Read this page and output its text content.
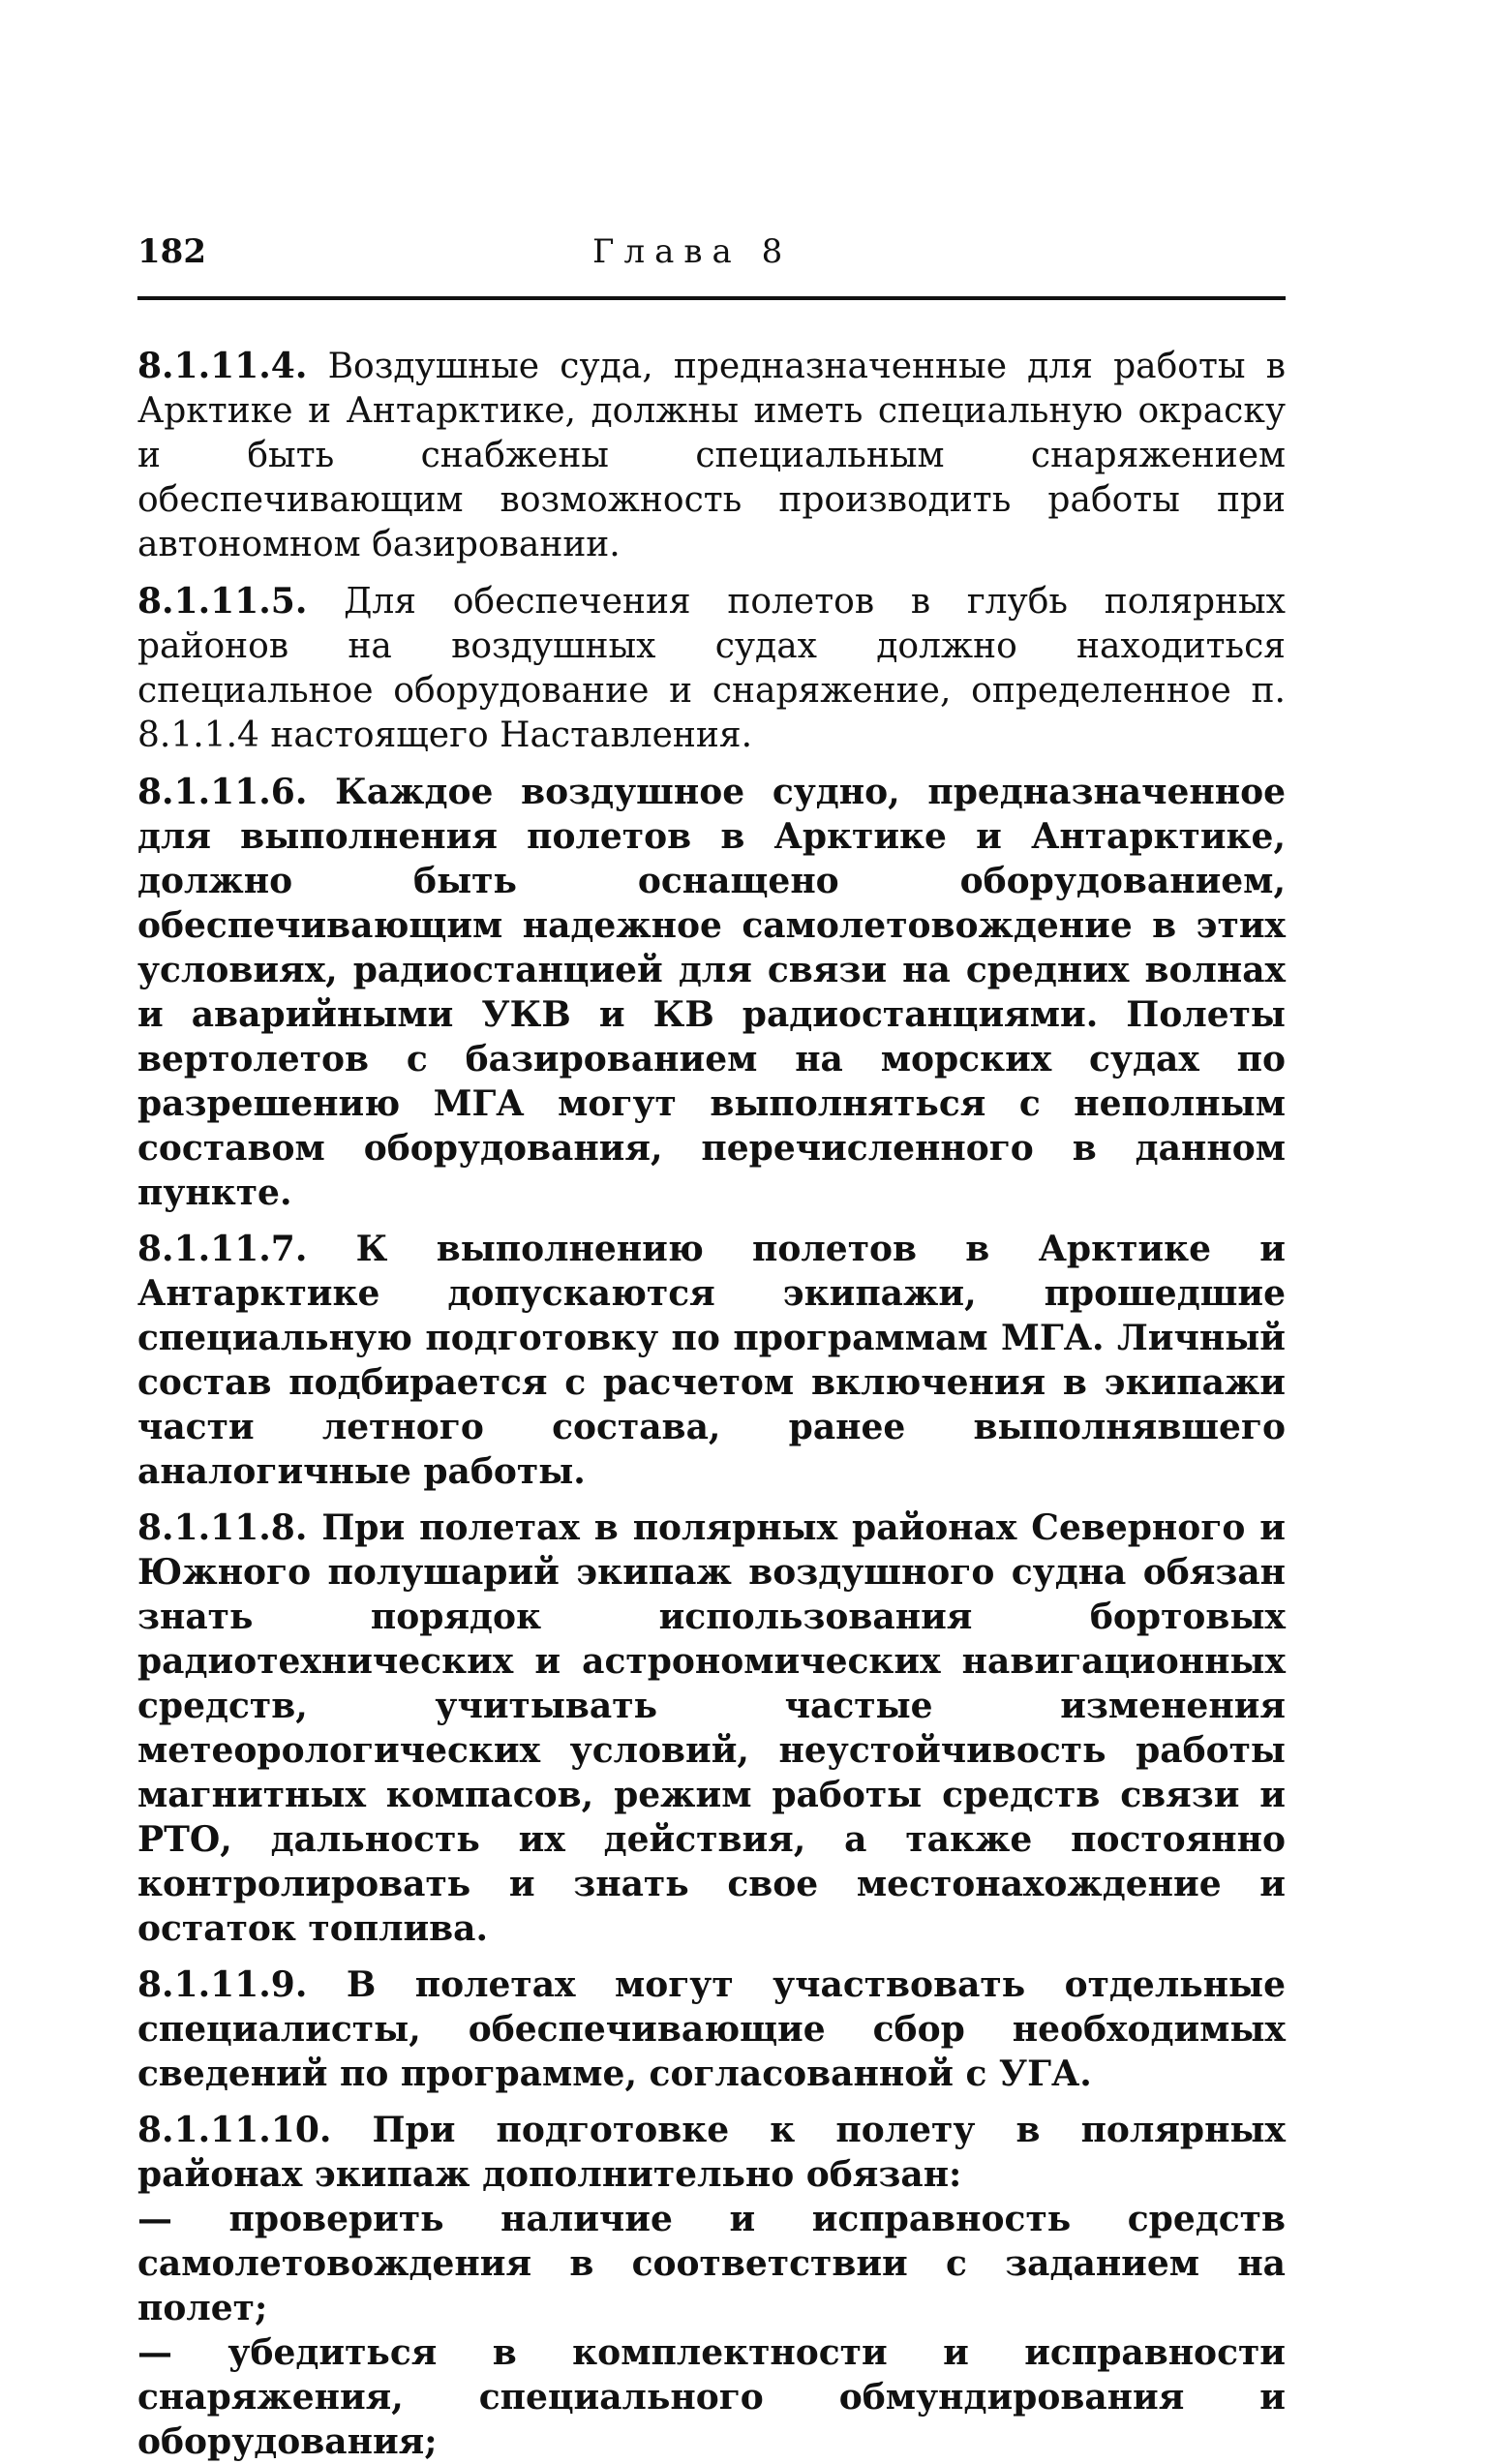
182	Глава 8

8.1.11.4. Воздушные суда, предназначенные для работы в Арктике и Антарктике, должны иметь специальную окраску и быть снабжены специальным снаряжением обеспечивающим возможность производить работы при автономном базировании.

8.1.11.5. Для обеспечения полетов в глубь полярных районов на воздушных судах должно находиться специальное оборудование и снаряжение, определенное п. 8.1.1.4 настоящего Наставления.

8.1.11.6. Каждое воздушное судно, предназначенное для выполнения полетов в Арктике и Антарктике, должно быть оснащено оборудованием, обеспечивающим надежное самолетовождение в этих условиях, радиостанцией для связи на средних волнах и аварийными УКВ и КВ радиостанциями. Полеты вертолетов с базированием на морских судах по разрешению МГА могут выполняться с неполным составом оборудования, перечисленного в данном пункте.

8.1.11.7. К выполнению полетов в Арктике и Антарктике допускаются экипажи, прошедшие специальную подготовку по программам МГА. Личный состав подбирается с расчетом включения в экипажи части летного состава, ранее выполнявшего аналогичные работы.

8.1.11.8. При полетах в полярных районах Северного и Южного полушарий экипаж воздушного судна обязан знать порядок использования бортовых радиотехнических и астрономических навигационных средств, учитывать частые изменения метеорологических условий, неустойчивость работы магнитных компасов, режим работы средств связи и РТО, дальность их действия, а также постоянно контролировать и знать свое местонахождение и остаток топлива.

8.1.11.9. В полетах могут участвовать отдельные специалисты, обеспечивающие сбор необходимых сведений по программе, согласованной с УГА.

8.1.11.10. При подготовке к полету в полярных районах экипаж дополнительно обязан:

— проверить наличие и исправность средств самолетовождения в соответствии с заданием на полет;

— убедиться в комплектности и исправности снаряжения, специального обмундирования и оборудования;
